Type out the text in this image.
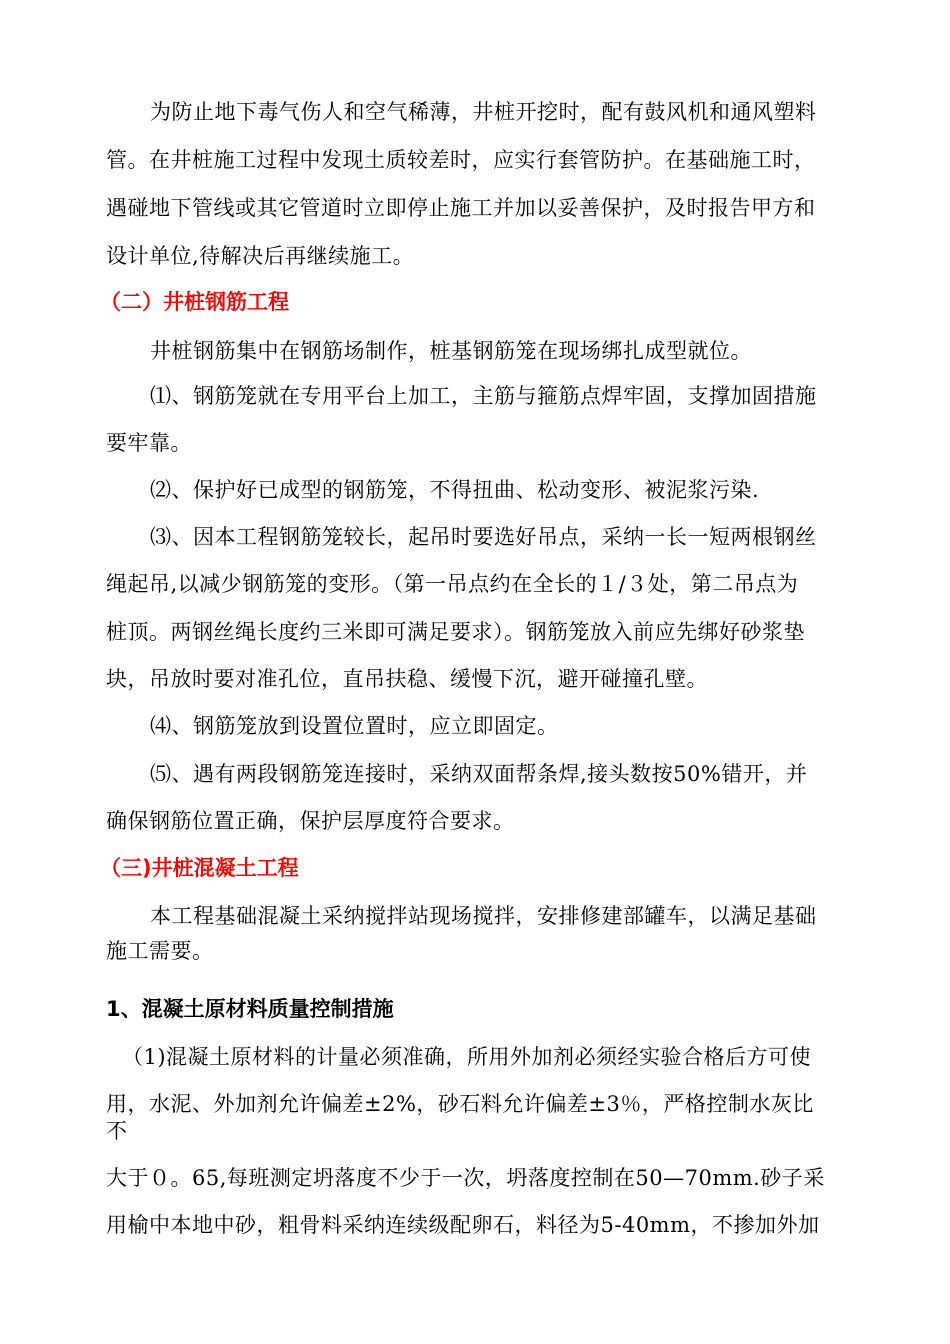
为防止地下毒气伤人和空气稀薄，井桩开挖时，配有鼓风机和通风塑料
管。在井桩施工过程中发现土质较差时，应实行套管防护。在基础施工时，
遇碰地下管线或其它管道时立即停止施工并加以妥善保护，及时报告甲方和
设计单位,待解决后再继续施工。
（二）井桩钢筋工程
井桩钢筋集中在钢筋场制作，桩基钢筋笼在现场绑扎成型就位。
⑴、钢筋笼就在专用平台上加工，主筋与箍筋点焊牢固，支撑加固措施
要牢靠。
⑵、保护好已成型的钢筋笼，不得扭曲、松动变形、被泥浆污染.
⑶、因本工程钢筋笼较长，起吊时要选好吊点，采纳一长一短两根钢丝
绳起吊,以减少钢筋笼的变形。（第一吊点约在全长的１/３处，第二吊点为
桩顶。两钢丝绳长度约三米即可满足要求）。钢筋笼放入前应先绑好砂浆垫
块，吊放时要对准孔位，直吊扶稳、缓慢下沉，避开碰撞孔壁。
⑷、钢筋笼放到设置位置时，应立即固定。
⑸、遇有两段钢筋笼连接时，采纳双面帮条焊,接头数按50%错开，并
确保钢筋位置正确，保护层厚度符合要求。
（三)井桩混凝土工程
本工程基础混凝土采纳搅拌站现场搅拌，安排修建部罐车，以满足基础
施工需要。
1、混凝土原材料质量控制措施
（1)混凝土原材料的计量必须准确，所用外加剂必须经实验合格后方可使
用，水泥、外加剂允许偏差±2%，砂石料允许偏差±3％，严格控制水灰比
不
大于０。65,每班测定坍落度不少于一次，坍落度控制在50—70mm.砂子采
用榆中本地中砂，粗骨料采纳连续级配卵石，料径为5-40mm，不掺加外加
